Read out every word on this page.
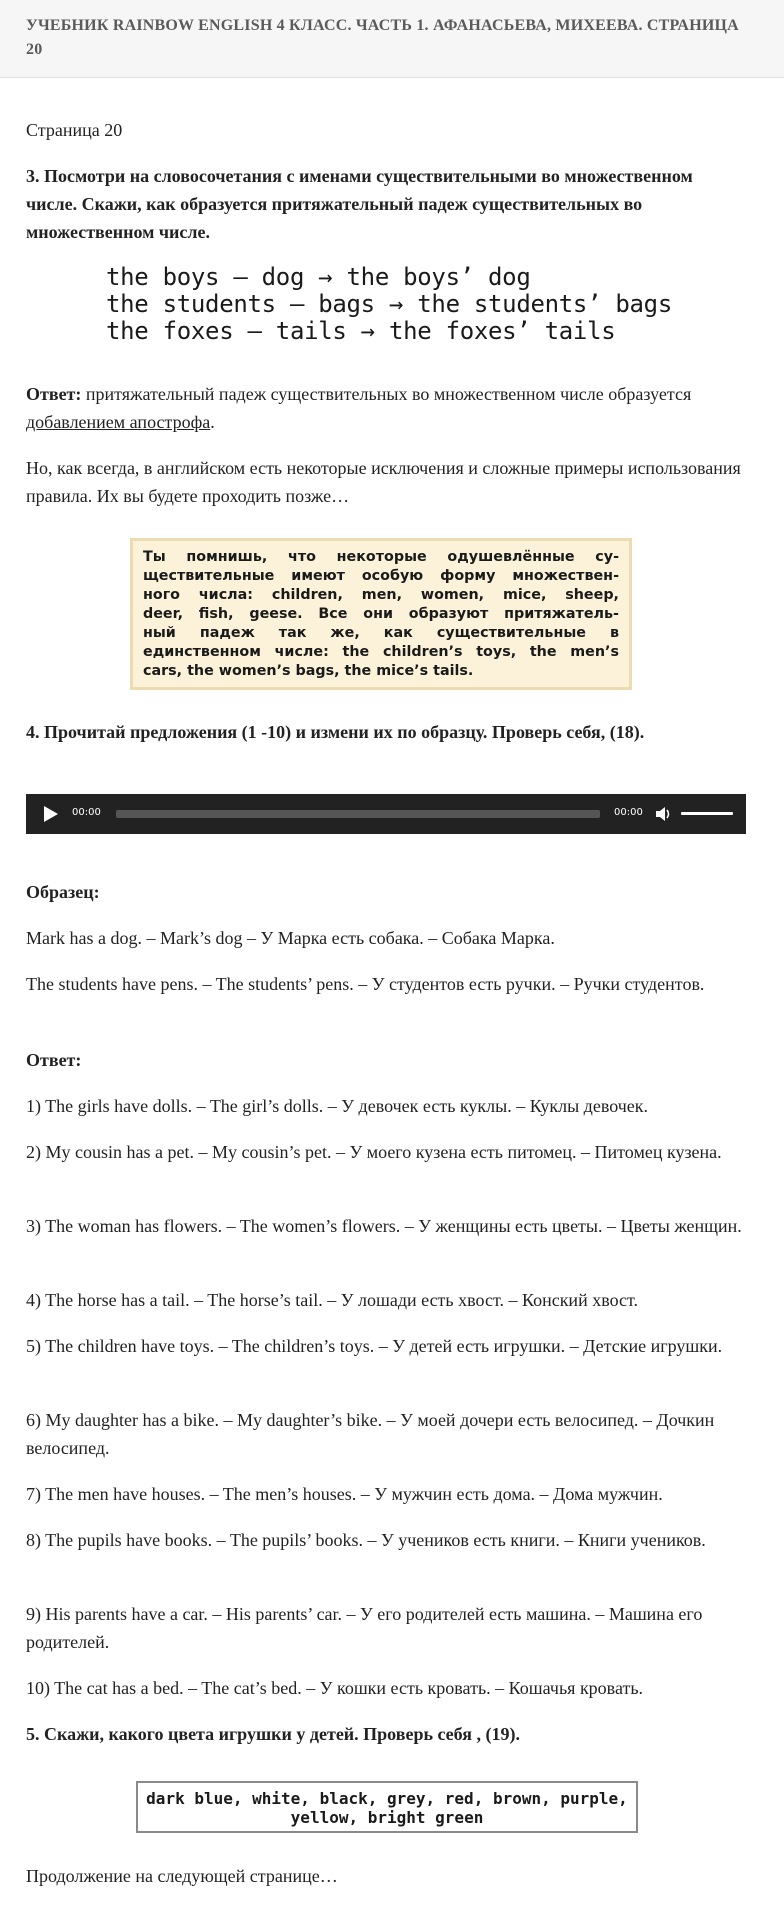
УЧЕБНИК RAINBOW ENGLISH 4 КЛАСС. ЧАСТЬ 1. АФАНАСЬЕВА, МИХЕЕВА. СТРАНИЦА 20

Страница 20

3. Посмотри на словосочетания с именами существительными во множественном числе. Скажи, как образуется притяжательный падеж существительных во множественном числе.

the boys — dog → the boys’ dog
the students — bags → the students’ bags
the foxes — tails → the foxes’ tails

Ответ: притяжательный падеж существительных во множественном числе образуется добавлением апострофа.

Но, как всегда, в английском есть некоторые исключения и сложные примеры использования правила. Их вы будете проходить позже…

Ты помнишь, что некоторые одушевлённые су-
ществительные имеют особую форму множествен-
ного числа: children, men, women, mice, sheep,
deer, fish, geese. Все они образуют притяжатель-
ный падеж так же, как существительные в
единственном числе: the children’s toys, the men’s
cars, the women’s bags, the mice’s tails.

4. Прочитай предложения (1 -10) и измени их по образцу. Проверь себя, (18).

00:00	00:00

Образец:

Mark has a dog. – Mark’s dog – У Марка есть собака. – Собака Марка.

The students have pens. – The students’ pens. – У студентов есть ручки. – Ручки студентов.

Ответ:

1) The girls have dolls. – The girl’s dolls. – У девочек есть куклы. – Куклы девочек.

2) My cousin has a pet. – My cousin’s pet. – У моего кузена есть питомец. – Питомец кузена.

3) The woman has flowers. – The women’s flowers. – У женщины есть цветы. – Цветы женщин.

4) The horse has a tail. – The horse’s tail. – У лошади есть хвост. – Конский хвост.

5) The children have toys. – The children’s toys. – У детей есть игрушки. – Детские игрушки.

6) My daughter has a bike. – My daughter’s bike. – У моей дочери есть велосипед. – Дочкин велосипед.

7) The men have houses. – The men’s houses. – У мужчин есть дома. – Дома мужчин.

8) The pupils have books. – The pupils’ books. – У учеников есть книги. – Книги учеников.

9) His parents have a car. – His parents’ car. – У его родителей есть машина. – Машина его родителей.

10) The cat has a bed. – The cat’s bed. – У кошки есть кровать. – Кошачья кровать.

5. Скажи, какого цвета игрушки у детей. Проверь себя , (19).

dark blue, white, black, grey, red, brown, purple,
yellow, bright green

Продолжение на следующей странице…
